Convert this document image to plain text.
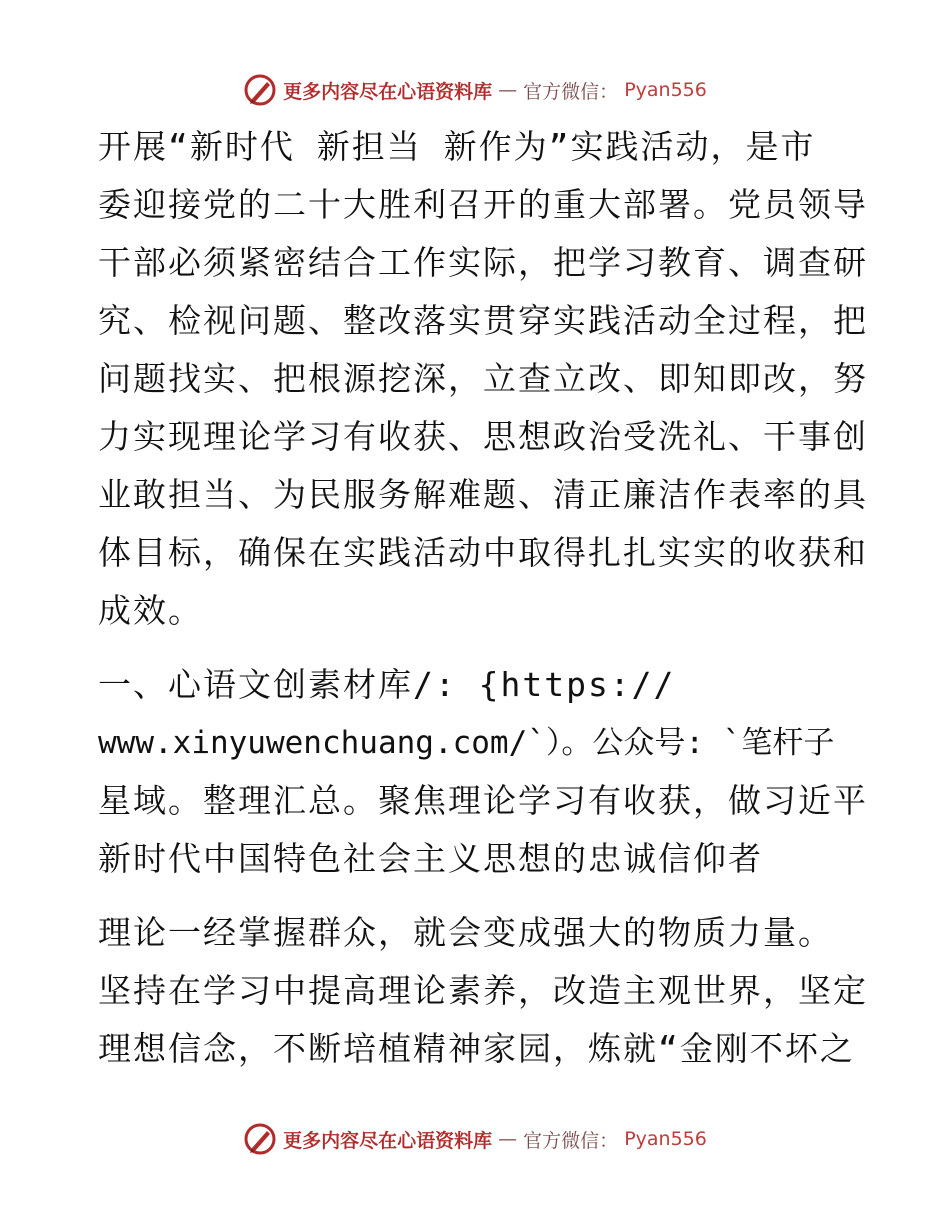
更多内容尽在心语资料库 — 官方微信： Pyan556
开展“新时代 新担当 新作为”实践活动，是市
委迎接党的二十大胜利召开的重大部署。党员领导
干部必须紧密结合工作实际，把学习教育、调查研
究、检视问题、整改落实贯穿实践活动全过程，把
问题找实、把根源挖深，立查立改、即知即改，努
力实现理论学习有收获、思想政治受洗礼、干事创
业敢担当、为民服务解难题、清正廉洁作表率的具
体目标，确保在实践活动中取得扎扎实实的收获和
成效。
一、心语文创素材库/: {https://
www.xinyuwenchuang.com/`）。公众号: `笔杆子
星域。整理汇总。聚焦理论学习有收获，做习近平
新时代中国特色社会主义思想的忠诚信仰者
理论一经掌握群众，就会变成强大的物质力量。
坚持在学习中提高理论素养，改造主观世界，坚定
理想信念，不断培植精神家园，炼就“金刚不坏之
更多内容尽在心语资料库 — 官方微信： Pyan556
